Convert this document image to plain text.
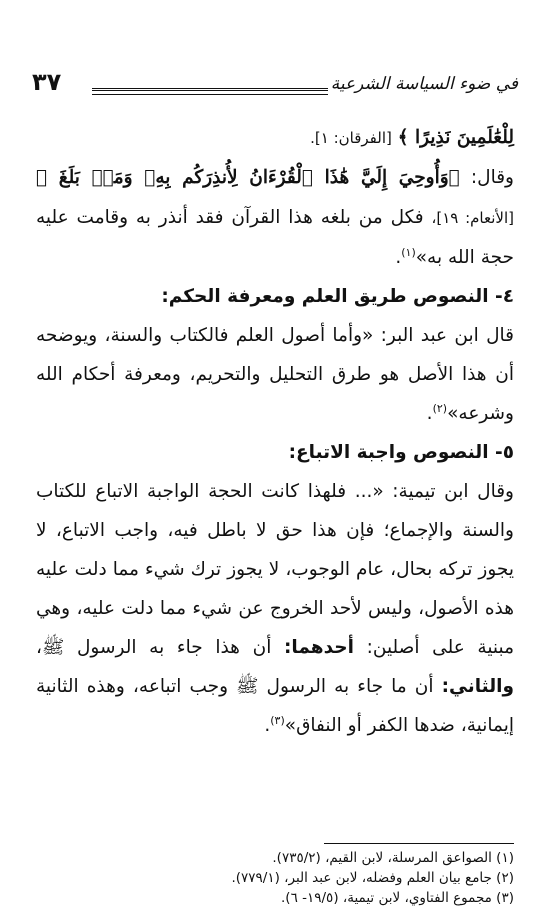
في ضوء السياسة الشرعية
٣٧

لِلْعَٰلَمِينَ نَذِيرًا ﴾ [الفرقان: ١].

وقال: ﴿وَأُوحِيَ إِلَيَّ هَٰذَا ٱلْقُرْءَانُ لِأُنذِرَكُم بِهِۦ وَمَنۢ بَلَغَ ﴾ [الأنعام: ١٩]، فكل من بلغه هذا القرآن فقد أنذر به وقامت عليه حجة الله به»$^{(١)}$.

٤- النصوص طريق العلم ومعرفة الحكم:

قال ابن عبد البر: «وأما أصول العلم فالكتاب والسنة، ويوضحه أن هذا الأصل هو طرق التحليل والتحريم، ومعرفة أحكام الله وشرعه»$^{(٢)}$.

٥- النصوص واجبة الاتباع:

وقال ابن تيمية: «... فلهذا كانت الحجة الواجبة الاتباع للكتاب والسنة والإجماع؛ فإن هذا حق لا باطل فيه، واجب الاتباع، لا يجوز تركه بحال، عام الوجوب، لا يجوز ترك شيء مما دلت عليه هذه الأصول، وليس لأحد الخروج عن شيء مما دلت عليه، وهي مبنية على أصلين: أحدهما: أن هذا جاء به الرسول ﷺ، والثاني: أن ما جاء به الرسول ﷺ وجب اتباعه، وهذه الثانية إيمانية، ضدها الكفر أو النفاق»$^{(٣)}$.

(١) الصواعق المرسلة، لابن القيم، (٧٣٥/٢).
(٢) جامع بيان العلم وفضله، لابن عبد البر، (٧٧٩/١).
(٣) مجموع الفتاوي، لابن تيمية، (١٩/٥- ٦).
